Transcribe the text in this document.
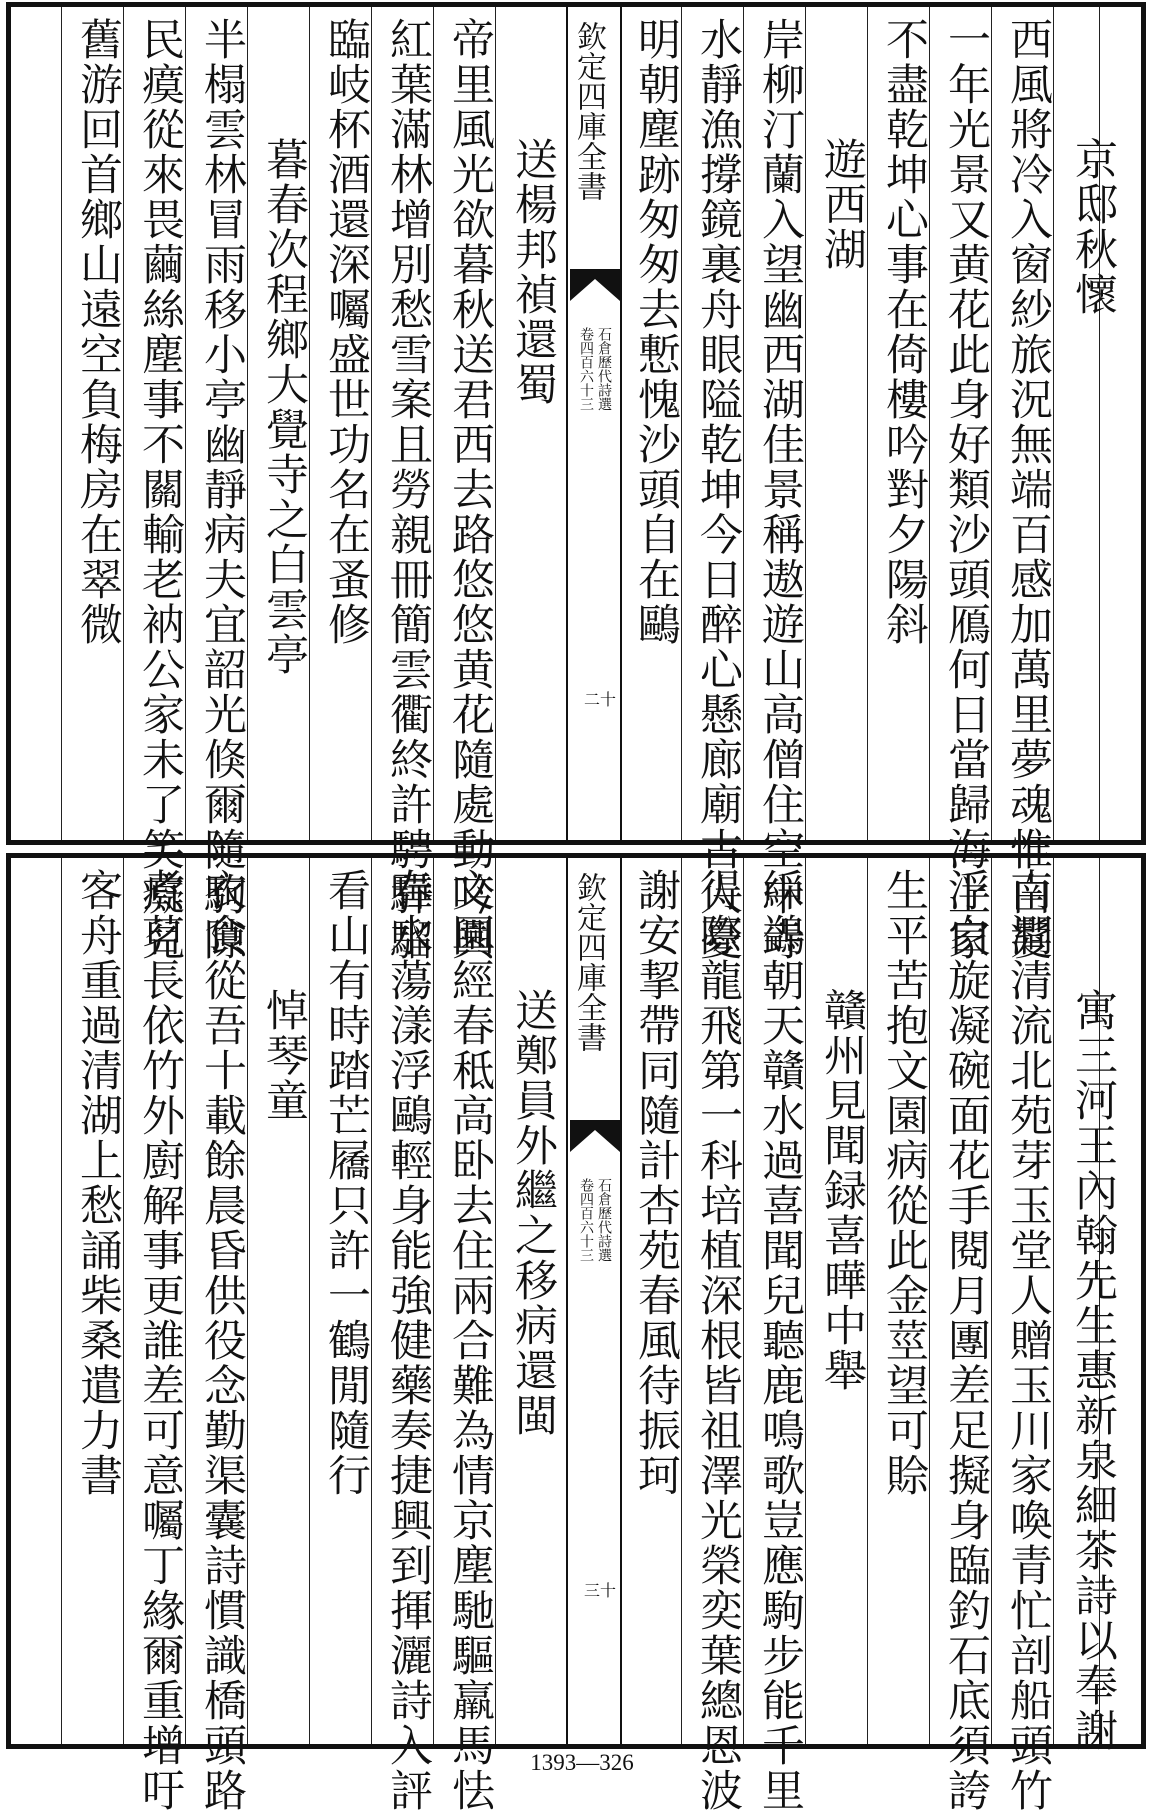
京邸秋懷
西風將冷入窗紗旅況無端百感加萬里夢魂惟白髮
一年光景又黄花此身好類沙頭鴈何日當歸海上家
不盡乾坤心事在倚樓吟對夕陽斜
遊西湖
岸柳汀蘭入望幽西湖佳景稱遨遊山高僧住空中寺
水靜漁撐鏡裏舟眼隘乾坤今日醉心懸廊廟古人憂
明朝塵跡匆匆去慙愧沙頭自在鷗
欽定四庫全書
石倉歷代詩選
卷四百六十三
二十
送楊邦禎還蜀
帝里風光欲暮秋送君西去路悠悠黄花隨處動吟興
紅葉滿林增別愁雪案且勞親冊簡雲衢終許騁驊騮
臨岐杯酒還深囑盛世功名在蚤修
暮春次程鄉大覺寺之白雲亭
半榻雲林冒雨移小亭幽靜病夫宜韶光倏爾隨駒隙
民瘼從來畏繭絲塵事不關輸老衲公家未了笑癡兒
舊游回首鄉山遠空負梅房在翠微
寓三河王內翰先生惠新泉細茶詩以奉謝
南澗清流北苑芽玉堂人贈玉川家喚青忙剖船頭竹
浮白旋凝碗面花手閱月團差足擬身臨釣石底須誇
生平苦抱文園病從此金莖望可賒
贛州見聞録喜曄中舉
綵鷁朝天贛水過喜聞兒聽鹿鳴歌豈應駒步能千里
得際龍飛第一科培植深根皆祖澤光榮奕葉總恩波
謝安挈帶同隨計杏苑春風待振珂
欽定四庫全書
石倉歷代詩選
卷四百六十三
三十
送鄭員外繼之移病還閩
文園經春秪高卧去住兩合難為情京塵馳驅羸馬怯
春水蕩漾浮鷗輕身能強健藥奏捷興到揮灑詩入評
看山有時踏芒屩只許一鶴閒隨行
悼琴童
衣食從吾十載餘晨昏供役念勤渠囊詩慣識橋頭路
煮茗長依竹外廚解事更誰差可意囑丁緣爾重增吁
客舟重過清湖上愁誦柴桑遣力書
1393—326
